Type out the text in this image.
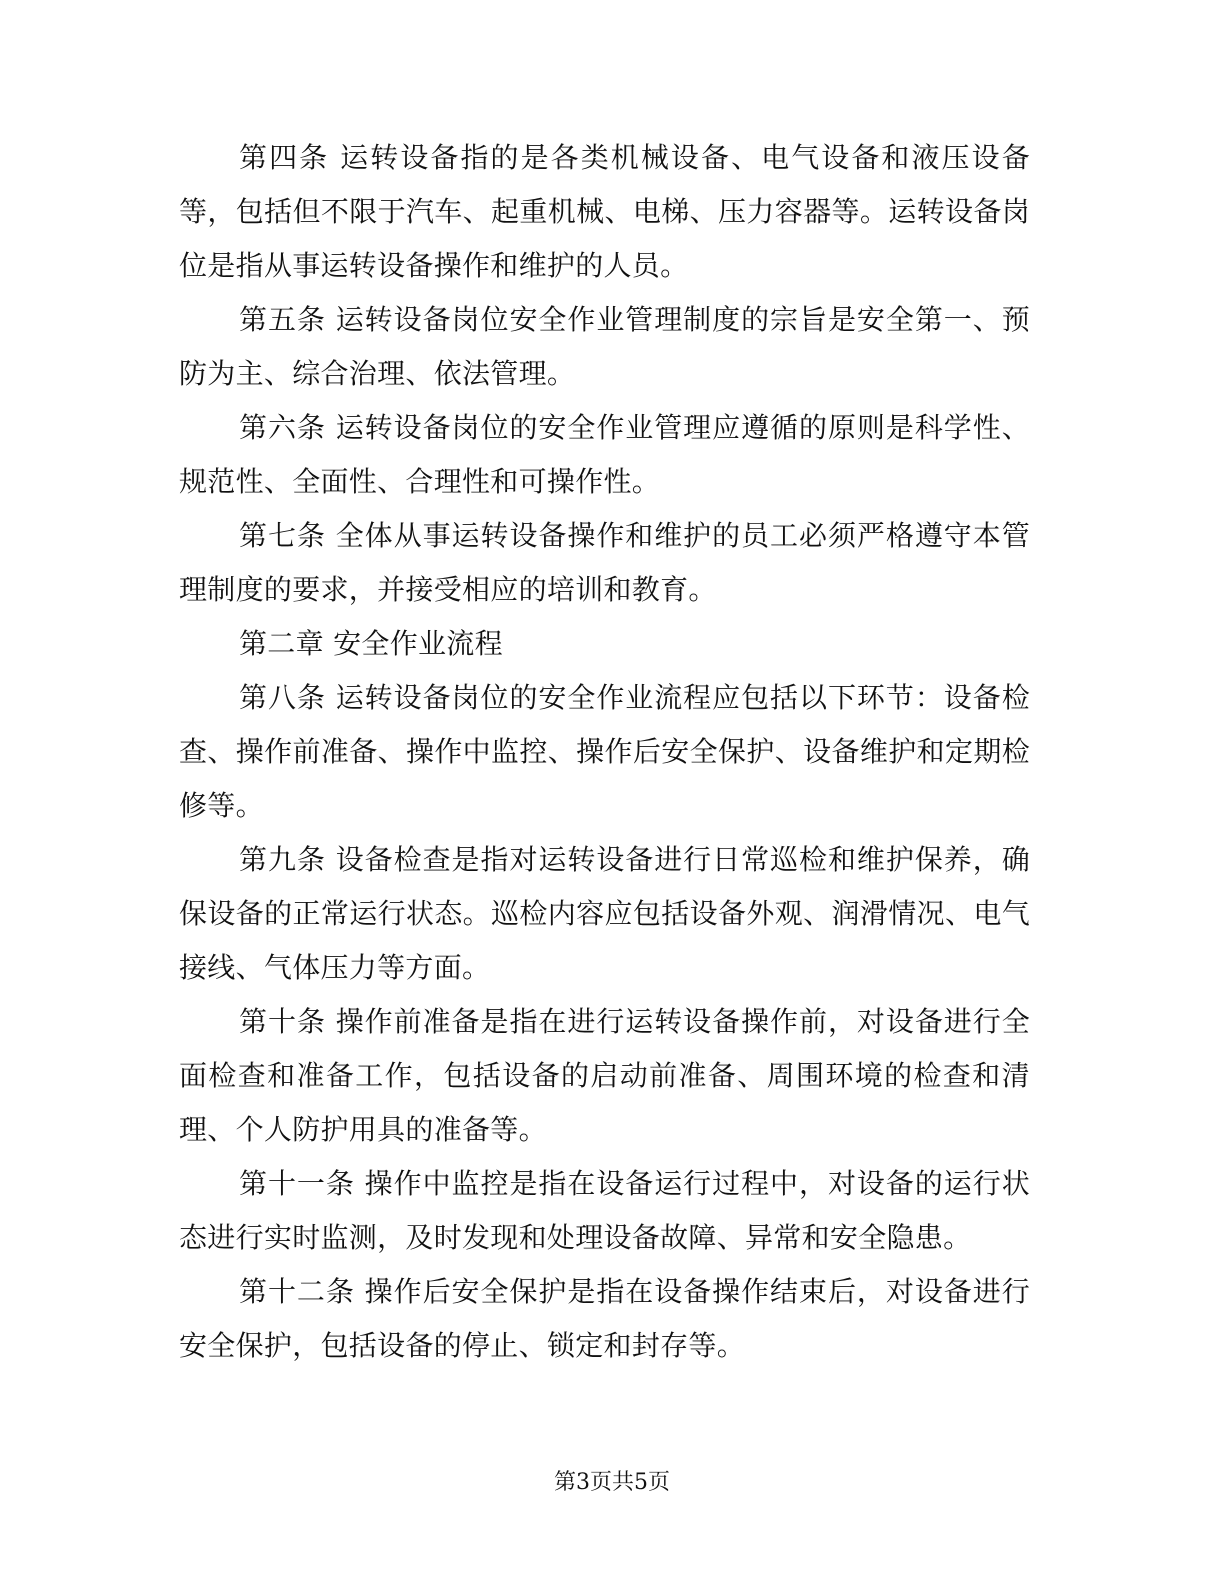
第四条 运转设备指的是各类机械设备、电气设备和液压设备等，包括但不限于汽车、起重机械、电梯、压力容器等。运转设备岗位是指从事运转设备操作和维护的人员。

第五条 运转设备岗位安全作业管理制度的宗旨是安全第一、预防为主、综合治理、依法管理。

第六条 运转设备岗位的安全作业管理应遵循的原则是科学性、规范性、全面性、合理性和可操作性。

第七条 全体从事运转设备操作和维护的员工必须严格遵守本管理制度的要求，并接受相应的培训和教育。

第二章 安全作业流程

第八条 运转设备岗位的安全作业流程应包括以下环节：设备检查、操作前准备、操作中监控、操作后安全保护、设备维护和定期检修等。

第九条 设备检查是指对运转设备进行日常巡检和维护保养，确保设备的正常运行状态。巡检内容应包括设备外观、润滑情况、电气接线、气体压力等方面。

第十条 操作前准备是指在进行运转设备操作前，对设备进行全面检查和准备工作，包括设备的启动前准备、周围环境的检查和清理、个人防护用具的准备等。

第十一条 操作中监控是指在设备运行过程中，对设备的运行状态进行实时监测，及时发现和处理设备故障、异常和安全隐患。

第十二条 操作后安全保护是指在设备操作结束后，对设备进行安全保护，包括设备的停止、锁定和封存等。

第3页共5页
